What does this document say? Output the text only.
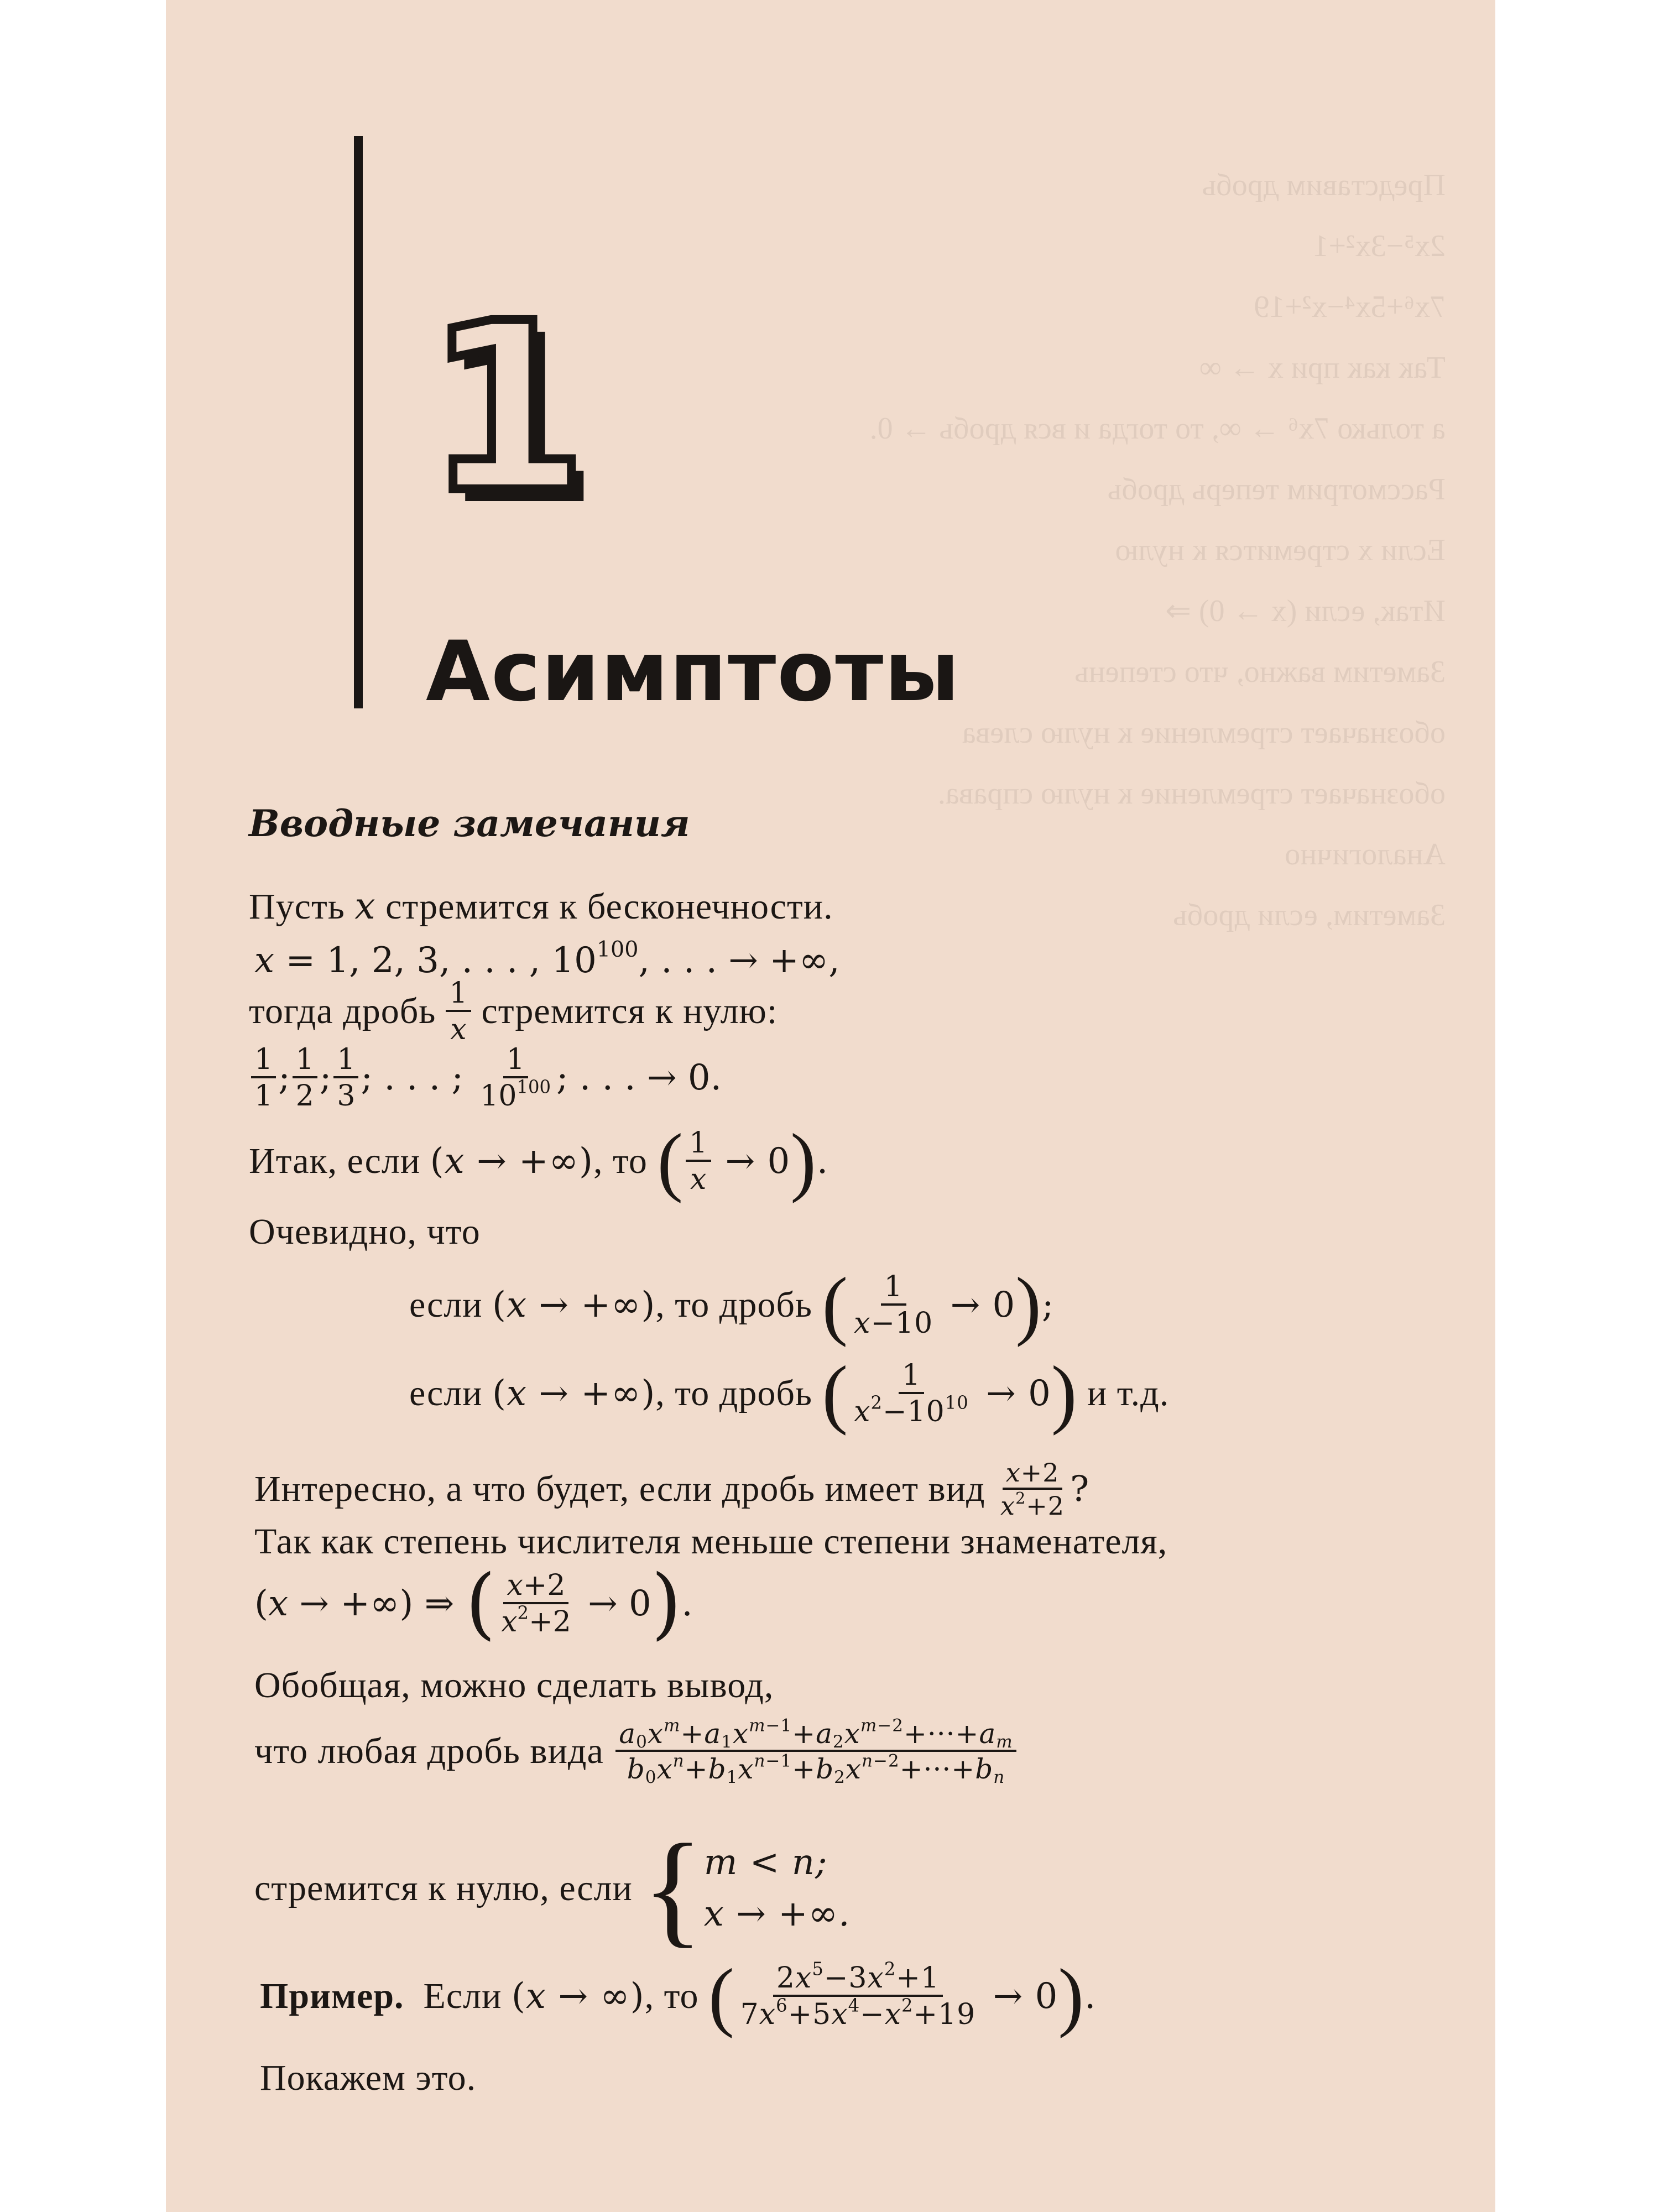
Представим дробь
2x⁵−3x²+1
7x⁶+5x⁴−x²+19
Так как при x → ∞
а только 7x⁶ → ∞, то тогда и вся дробь → 0.
Рассмотрим теперь дробь
Если x стремится к нулю
Итак, если (x → 0) ⇒
Заметим важно, что степень
обозначает стремление к нулю слева
обозначает стремление к нулю справа.
Аналогично
Заметим, если дробь
1
Асимптоты
Вводные замечания
Пусть x стремится к бесконечности.
x = 1, 2, 3, . . . , $10^{100}$, . . . → +∞,
тогда дробь $\frac{1}{x}$ стремится к нулю:
$\frac{1}{1}$ ; $\frac{1}{2}$ ; $\frac{1}{3}$ ; . . . ; $\frac{1}{10^{100}}$ ; . . . → 0.
Итак, если
(x → +∞) , то
( $\frac{1}{x} \to 0$ ) .
Очевидно, что
если
(x → +∞) , то дробь
( $\frac{1}{x-10} \to 0$ ) ;
если
(x → +∞) , то дробь
( $\frac{1}{x^2-10^{10}} \to 0$ )
и т.д.
Интересно, а что будет, если дробь имеет вид
$\frac{x+2}{x^2+2}$ ?
Так как степень числителя меньше степени знаменателя,
(x → +∞) ⇒ ( $\frac{x+2}{x^2+2} \to 0$ ) .
Обобщая, можно сделать вывод,
что любая дробь вида
$\frac{a_0x^m+a_1x^{m-1}+a_2x^{m-2}+\cdot\cdot\cdot+a_m}{b_0x^n+b_1x^{n-1}+b_2x^{n-2}+\cdot\cdot\cdot+b_n}$
стремится к нулю, если
{ m < n;
x → +∞.
Пример.
Если
(x → ∞) , то
( $\frac{2x^5-3x^2+1}{7x^6+5x^4-x^2+19} \to 0$ ) .
Покажем это.
